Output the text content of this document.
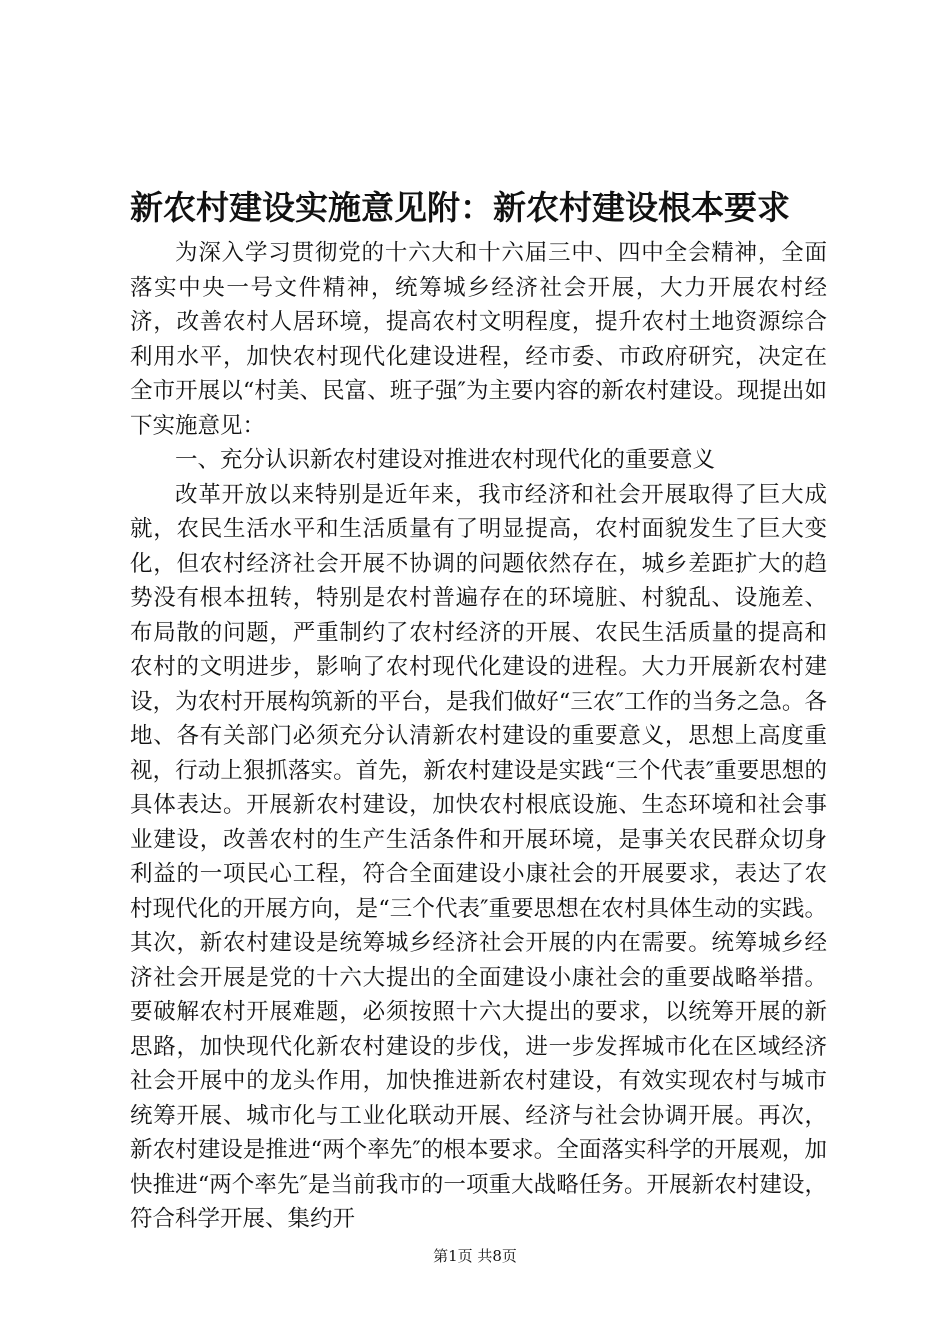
新农村建设实施意见附：新农村建设根本要求

为深入学习贯彻党的十六大和十六届三中、四中全会精神，全面落实中央一号文件精神，统筹城乡经济社会开展，大力开展农村经济，改善农村人居环境，提高农村文明程度，提升农村土地资源综合利用水平，加快农村现代化建设进程，经市委、市政府研究，决定在全市开展以“村美、民富、班子强″为主要内容的新农村建设。现提出如下实施意见：

一、充分认识新农村建设对推进农村现代化的重要意义

改革开放以来特别是近年来，我市经济和社会开展取得了巨大成就，农民生活水平和生活质量有了明显提高，农村面貌发生了巨大变化，但农村经济社会开展不协调的问题依然存在，城乡差距扩大的趋势没有根本扭转，特别是农村普遍存在的环境脏、村貌乱、设施差、布局散的问题，严重制约了农村经济的开展、农民生活质量的提高和农村的文明进步，影响了农村现代化建设的进程。大力开展新农村建设，为农村开展构筑新的平台，是我们做好“三农″工作的当务之急。各地、各有关部门必须充分认清新农村建设的重要意义，思想上高度重视，行动上狠抓落实。首先，新农村建设是实践“三个代表″重要思想的具体表达。开展新农村建设，加快农村根底设施、生态环境和社会事业建设，改善农村的生产生活条件和开展环境，是事关农民群众切身利益的一项民心工程，符合全面建设小康社会的开展要求，表达了农村现代化的开展方向，是“三个代表″重要思想在农村具体生动的实践。其次，新农村建设是统筹城乡经济社会开展的内在需要。统筹城乡经济社会开展是党的十六大提出的全面建设小康社会的重要战略举措。要破解农村开展难题，必须按照十六大提出的要求，以统筹开展的新思路，加快现代化新农村建设的步伐，进一步发挥城市化在区域经济社会开展中的龙头作用，加快推进新农村建设，有效实现农村与城市统筹开展、城市化与工业化联动开展、经济与社会协调开展。再次，新农村建设是推进“两个率先″的根本要求。全面落实科学的开展观，加快推进“两个率先″是当前我市的一项重大战略任务。开展新农村建设，符合科学开展、集约开

第1页 共8页
